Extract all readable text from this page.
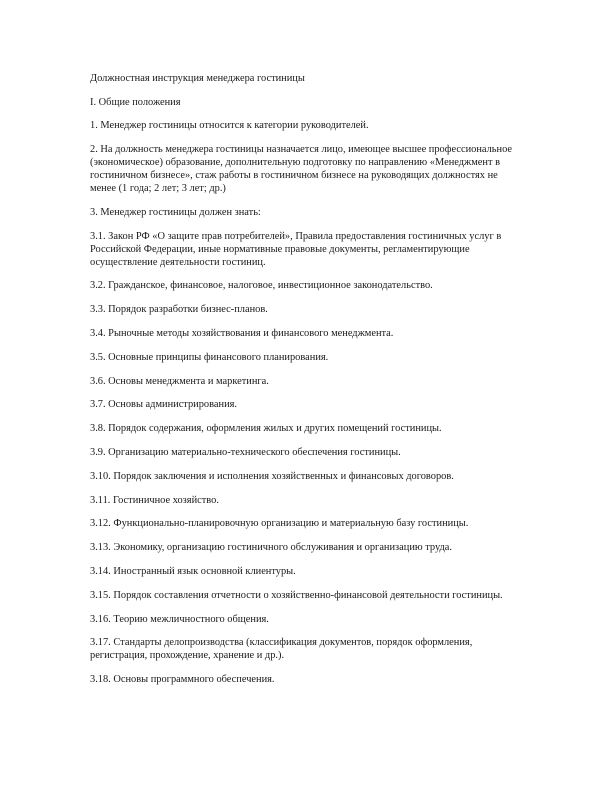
Должностная инструкция менеджера гостиницы

I. Общие положения

1. Менеджер гостиницы относится к категории руководителей.

2. На должность менеджера гостиницы назначается лицо, имеющее высшее профессиональное (экономическое) образование, дополнительную подготовку по направлению «Менеджмент в гостиничном бизнесе», стаж работы в гостиничном бизнесе на руководящих должностях не менее (1 года; 2 лет; 3 лет; др.)

3. Менеджер гостиницы должен знать:

3.1. Закон РФ «О защите прав потребителей», Правила предоставления гостиничных услуг в Российской Федерации, иные нормативные правовые документы, регламентирующие осуществление деятельности гостиниц.

3.2. Гражданское, финансовое, налоговое, инвестиционное законодательство.

3.3. Порядок разработки бизнес-планов.

3.4. Рыночные методы хозяйствования и финансового менеджмента.

3.5. Основные принципы финансового планирования.

3.6. Основы менеджмента и маркетинга.

3.7. Основы администрирования.

3.8. Порядок содержания, оформления жилых и других помещений гостиницы.

3.9. Организацию материально-технического обеспечения гостиницы.

3.10. Порядок заключения и исполнения хозяйственных и финансовых договоров.

3.11. Гостиничное хозяйство.

3.12. Функционально-планировочную организацию и материальную базу гостиницы.

3.13. Экономику, организацию гостиничного обслуживания и организацию труда.

3.14. Иностранный язык основной клиентуры.

3.15. Порядок составления отчетности о хозяйственно-финансовой деятельности гостиницы.

3.16. Теорию межличностного общения.

3.17. Стандарты делопроизводства (классификация документов, порядок оформления, регистрация, прохождение, хранение и др.).

3.18. Основы программного обеспечения.
